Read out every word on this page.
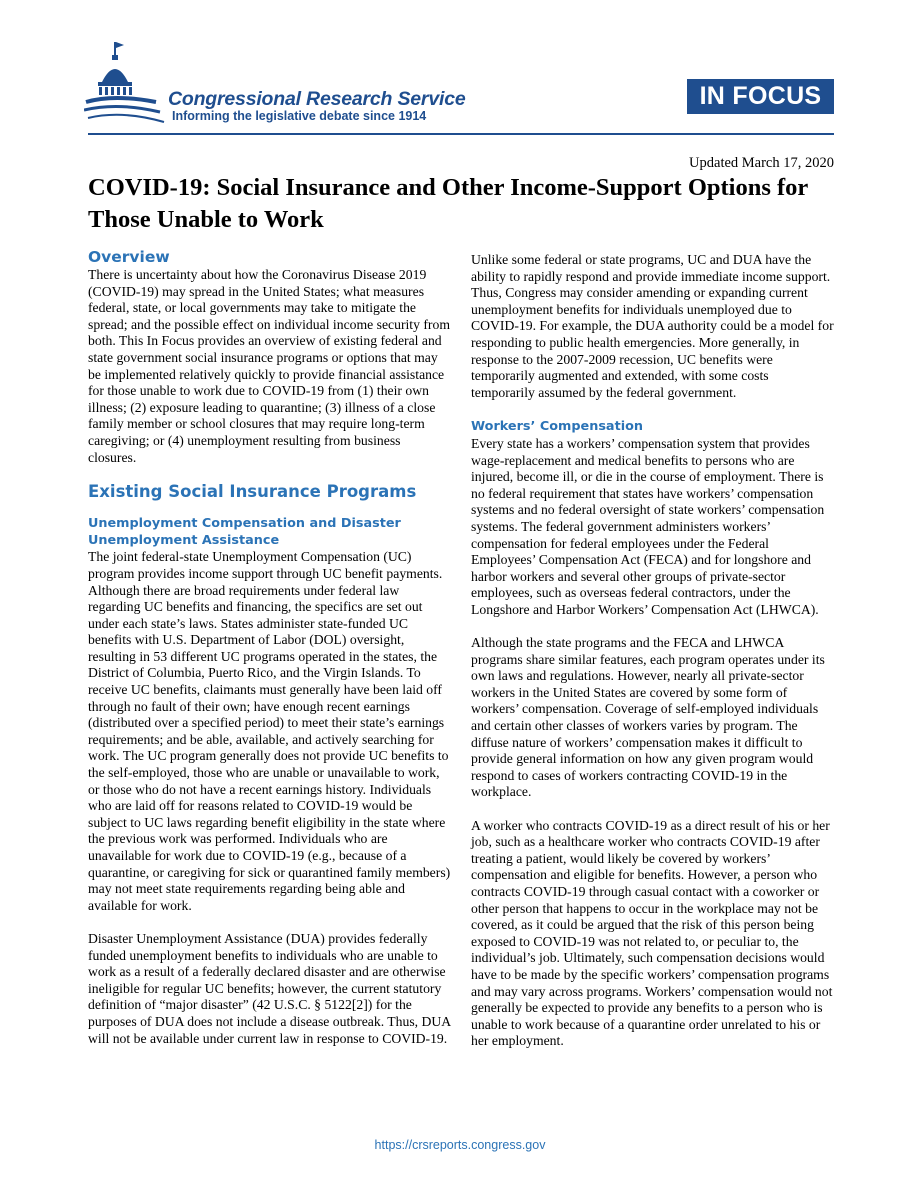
Congressional Research Service
Informing the legislative debate since 1914
IN FOCUS
Updated March 17, 2020
COVID-19: Social Insurance and Other Income-Support Options for Those Unable to Work
Overview

There is uncertainty about how the Coronavirus Disease 2019 (COVID-19) may spread in the United States; what measures federal, state, or local governments may take to mitigate the spread; and the possible effect on individual income security from both. This In Focus provides an overview of existing federal and state government social insurance programs or options that may be implemented relatively quickly to provide financial assistance for those unable to work due to COVID-19 from (1) their own illness; (2) exposure leading to quarantine; (3) illness of a close family member or school closures that may require long-term caregiving; or (4) unemployment resulting from business closures.

Existing Social Insurance Programs
Unemployment Compensation and Disaster Unemployment Assistance

The joint federal-state Unemployment Compensation (UC) program provides income support through UC benefit payments. Although there are broad requirements under federal law regarding UC benefits and financing, the specifics are set out under each state’s laws. States administer state-funded UC benefits with U.S. Department of Labor (DOL) oversight, resulting in 53 different UC programs operated in the states, the District of Columbia, Puerto Rico, and the Virgin Islands. To receive UC benefits, claimants must generally have been laid off through no fault of their own; have enough recent earnings (distributed over a specified period) to meet their state’s earnings requirements; and be able, available, and actively searching for work. The UC program generally does not provide UC benefits to the self-employed, those who are unable or unavailable to work, or those who do not have a recent earnings history. Individuals who are laid off for reasons related to COVID-19 would be subject to UC laws regarding benefit eligibility in the state where the previous work was performed. Individuals who are unavailable for work due to COVID-19 (e.g., because of a quarantine, or caregiving for sick or quarantined family members) may not meet state requirements regarding being able and available for work.

Disaster Unemployment Assistance (DUA) provides federally funded unemployment benefits to individuals who are unable to work as a result of a federally declared disaster and are otherwise ineligible for regular UC benefits; however, the current statutory definition of “major disaster” (42 U.S.C. § 5122[2]) for the purposes of DUA does not include a disease outbreak. Thus, DUA will not be available under current law in response to COVID-19.

Unlike some federal or state programs, UC and DUA have the ability to rapidly respond and provide immediate income support. Thus, Congress may consider amending or expanding current unemployment benefits for individuals unemployed due to COVID-19. For example, the DUA authority could be a model for responding to public health emergencies. More generally, in response to the 2007-2009 recession, UC benefits were temporarily augmented and extended, with some costs temporarily assumed by the federal government.

Workers’ Compensation

Every state has a workers’ compensation system that provides wage-replacement and medical benefits to persons who are injured, become ill, or die in the course of employment. There is no federal requirement that states have workers’ compensation systems and no federal oversight of state workers’ compensation systems. The federal government administers workers’ compensation for federal employees under the Federal Employees’ Compensation Act (FECA) and for longshore and harbor workers and several other groups of private-sector employees, such as overseas federal contractors, under the Longshore and Harbor Workers’ Compensation Act (LHWCA).

Although the state programs and the FECA and LHWCA programs share similar features, each program operates under its own laws and regulations. However, nearly all private-sector workers in the United States are covered by some form of workers’ compensation. Coverage of self-employed individuals and certain other classes of workers varies by program. The diffuse nature of workers’ compensation makes it difficult to provide general information on how any given program would respond to cases of workers contracting COVID-19 in the workplace.

A worker who contracts COVID-19 as a direct result of his or her job, such as a healthcare worker who contracts COVID-19 after treating a patient, would likely be covered by workers’ compensation and eligible for benefits. However, a person who contracts COVID-19 through casual contact with a coworker or other person that happens to occur in the workplace may not be covered, as it could be argued that the risk of this person being exposed to COVID-19 was not related to, or peculiar to, the individual’s job. Ultimately, such compensation decisions would have to be made by the specific workers’ compensation programs and may vary across programs. Workers’ compensation would not generally be expected to provide any benefits to a person who is unable to work because of a quarantine order unrelated to his or her employment.

https://crsreports.congress.gov
